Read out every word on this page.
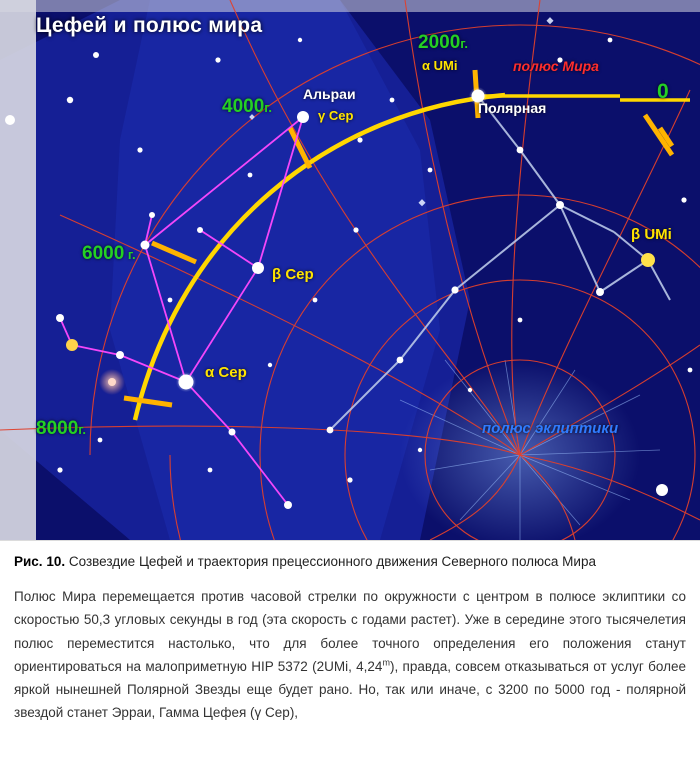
Цефей и полюс мира
2000г.
4000г.
6000 г.
8000г.
0
Альраи
γ Сер	Полярная
α UMi	полюс Мира
β Сер
α Сер
β UMi
полюс эклиптики
Рис. 10. Созвездие Цефей и траектория прецессионного движения Северного полюса Мира
Полюс Мира перемещается против часовой стрелки по окружности с центром в полюсе эклиптики со скоростью 50,3 угловых секунды в год (эта скорость с годами растет). Уже в середине этого тысячелетия полюс переместится настолько, что для более точного определения его положения станут ориентироваться на малоприметную HIP 5372 (2UMi, 4,24$^m$), правда, совсем отказываться от услуг более яркой нынешней Полярной Звезды еще будет рано. Но, так или иначе, с 3200 по 5000 год - полярной звездой станет Эрраи, Гамма Цефея (γ Сер),
